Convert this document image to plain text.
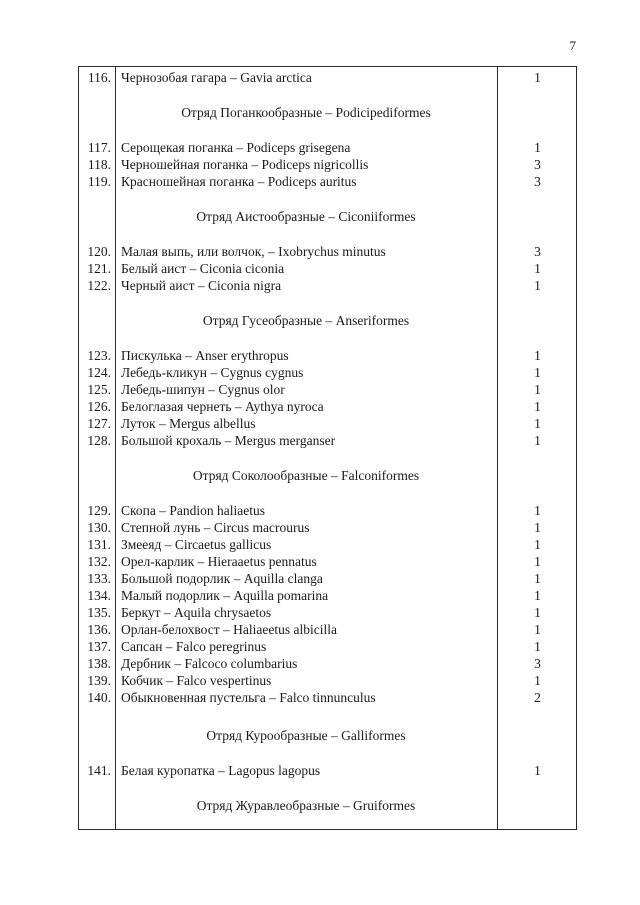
7
116. Чернозобая гагара – Gavia arctica	1
Отряд Поганкообразные – Podicipediformes
117. Серощекая поганка – Podiceps grisegena	1
118. Черношейная поганка – Podiceps nigricollis	3
119. Красношейная поганка – Podiceps auritus	3
Отряд Аистообразные – Ciconiiformes
120. Малая выпь, или волчок, – Ixobrychus minutus	3
121. Белый аист – Ciconia ciconia	1
122. Черный аист – Ciconia nigra	1
Отряд Гусеобразные – Anseriformes
123. Пискулька – Anser erythropus	1
124. Лебедь-кликун – Cygnus cygnus	1
125. Лебедь-шипун – Cygnus olor	1
126. Белоглазая чернеть – Aythya nyroca	1
127. Луток – Mergus albellus	1
128. Большой крохаль – Mergus merganser	1
Отряд Соколообразные – Falconiformes
129. Скопа – Pandion haliaetus	1
130. Степной лунь – Circus macrourus	1
131. Змееяд – Circaetus gallicus	1
132. Орел-карлик – Hieraaetus pennatus	1
133. Большой подорлик – Aquilla clanga	1
134. Малый подорлик – Aquilla pomarina	1
135. Беркут – Aquila chrysaetos	1
136. Орлан-белохвост – Haliaeetus albicilla	1
137. Сапсан – Falco peregrinus	1
138. Дербник – Falcoco columbarius	3
139. Кобчик – Falco vespertinus	1
140. Обыкновенная пустельга – Falco tinnunculus	2
Отряд Курообразные – Galliformes
141. Белая куропатка – Lagopus lagopus	1
Отряд Журавлеобразные – Gruiformes
